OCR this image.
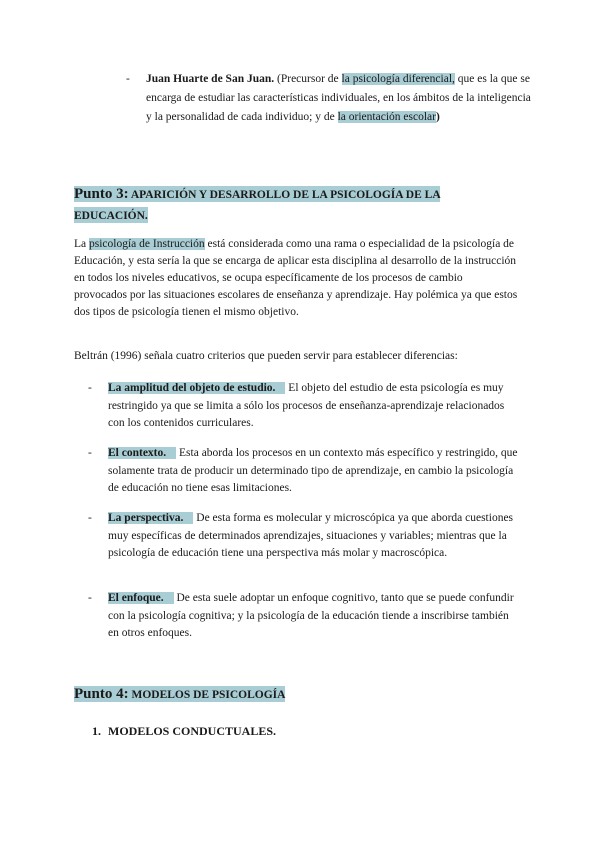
- Juan Huarte de San Juan. (Precursor de la psicología diferencial, que es la que se encarga de estudiar las características individuales, en los ámbitos de la inteligencia y la personalidad de cada individuo; y de la orientación escolar)
Punto 3: APARICIÓN Y DESARROLLO DE LA PSICOLOGÍA DE LA EDUCACIÓN.

La psicología de Instrucción está considerada como una rama o especialidad de la psicología de Educación, y esta sería la que se encarga de aplicar esta disciplina al desarrollo de la instrucción en todos los niveles educativos, se ocupa específicamente de los procesos de cambio provocados por las situaciones escolares de enseñanza y aprendizaje. Hay polémica ya que estos dos tipos de psicología tienen el mismo objetivo.

Beltrán (1996) señala cuatro criterios que pueden servir para establecer diferencias:

- La amplitud del objeto de estudio. El objeto del estudio de esta psicología es muy restringido ya que se limita a sólo los procesos de enseñanza-aprendizaje relacionados con los contenidos curriculares.
- El contexto. Esta aborda los procesos en un contexto más específico y restringido, que solamente trata de producir un determinado tipo de aprendizaje, en cambio la psicología de educación no tiene esas limitaciones.
- La perspectiva. De esta forma es molecular y microscópica ya que aborda cuestiones muy específicas de determinados aprendizajes, situaciones y variables; mientras que la psicología de educación tiene una perspectiva más molar y macroscópica.
- El enfoque. De esta suele adoptar un enfoque cognitivo, tanto que se puede confundir con la psicología cognitiva; y la psicología de la educación tiende a inscribirse también en otros enfoques.
Punto 4: MODELOS DE PSICOLOGÍA
1. MODELOS CONDUCTUALES.
